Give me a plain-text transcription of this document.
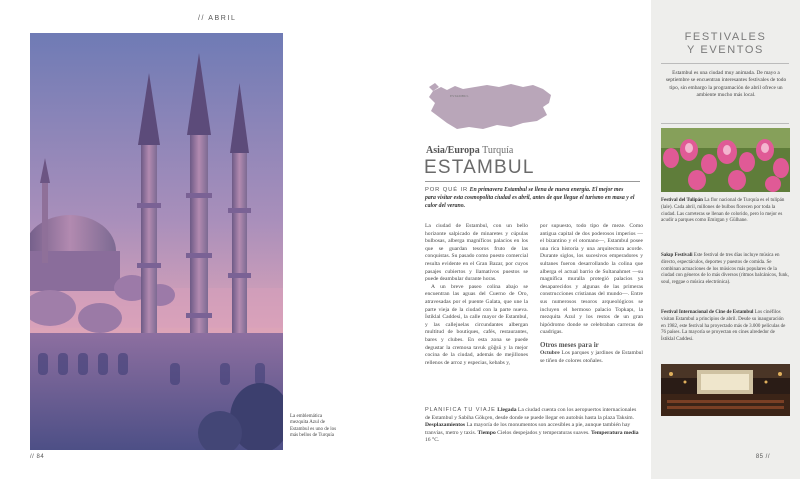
// ABRIL
La emblemática mezquita Azul de Estambul es uno de los más bellos de Turquía
// 84
ESTAMBUL
Asia/Europa Turquía
ESTAMBUL
POR QUÉ IR En primavera Estambul se llena de nueva energía. El mejor mes para visitar esta cosmopolita ciudad es abril, antes de que llegue el turismo en masa y el calor del verano.

La ciudad de Estambul, con un bello horizonte salpicado de minaretes y cúpulas bulbosas, alberga magníficos palacios en los que se guardan tesoros fruto de las conquistas. Su pasado como puesto comercial resulta evidente en el Gran Bazar, por cuyos pasajes cubiertos y llamativos puestos se puede deambular durante horas.

A un breve paseo colina abajo se encuentran las aguas del Cuerno de Oro, atravesadas por el puente Galata, que une la parte vieja de la ciudad con la parte nueva. İstiklal Caddesi, la calle mayor de Estambul, y las callejuelas circundantes albergan multitud de boutiques, cafés, restaurantes, bares y clubes. En esta zona se puede degustar la cremosa tavuk göğsü y la mejor cocina de la ciudad, además de mejillones rellenos de arroz y especias, kebabs y,

por supuesto, todo tipo de meze. Como antigua capital de dos poderosos imperios —el bizantino y el otomano—, Estambul posee una rica historia y una arquitectura acorde. Durante siglos, los sucesivos emperadores y sultanes fueron desarrollando la colina que alberga el actual barrio de Sultanahmet —su magnífica muralla protegió palacios ya desaparecidos y algunas de las primeras construcciones cristianas del mundo—. Entre sus numerosos tesoros arqueológicos se incluyen el hermoso palacio Topkapı, la mezquita Azul y los restos de un gran hipódromo donde se celebraban carreras de cuadrigas.

Otros meses para ir

Octubre Los parques y jardines de Estambul se tiñen de colores otoñales.

PLANIFICA TU VIAJE Llegada La ciudad cuenta con los aeropuertos internacionales de Estambul y Sabiha Gökçen, desde donde se puede llegar en autobús hasta la plaza Taksim. Desplazamientos La mayoría de los monumentos son accesibles a pie, aunque también hay tranvías, metro y taxis. Tiempo Cielos despejados y temperaturas suaves. Temperatura media 16 °C.
FESTIVALES Y EVENTOS
Estambul es una ciudad muy animada. De mayo a septiembre se encuentran interesantes festivales de todo tipo, sin embargo la programación de abril ofrece un ambiente mucho más local.
Festival del Tulipán La flor nacional de Turquía es el tulipán (lale). Cada abril, millones de bulbos florecen por toda la ciudad. Las carreteras se llenan de colorido, pero lo mejor es acudir a parques como Emirgan y Gülhane.
Sakıp Festivali Este festival de tres días incluye música en directo, espectáculos, deportes y puestos de comida. Se combinan actuaciones de los músicos más populares de la ciudad con géneros de lo más diversos (ritmos balcánicos, funk, soul, reggae o música electrónica).
Festival Internacional de Cine de Estambul Los cinéfilos visitan Estambul a principios de abril. Desde su inauguración en 1982, este festival ha proyectado más de 3.000 películas de 76 países. La mayoría se proyectan en cines alrededor de İstiklal Caddesi.
85 //
